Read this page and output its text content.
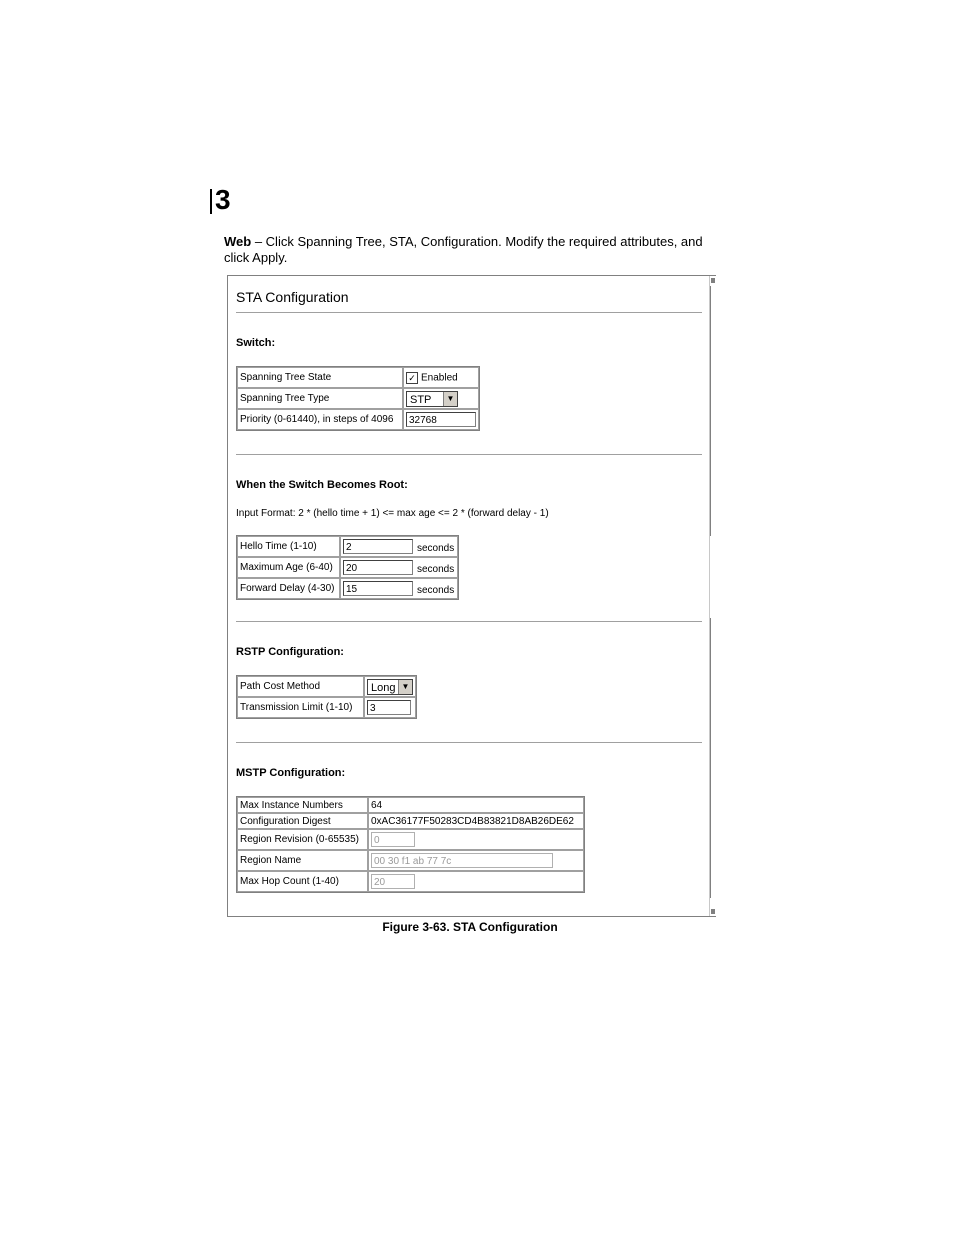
3
Web – Click Spanning Tree, STA, Configuration. Modify the required attributes, and click Apply.
STA Configuration
Switch:
Spanning Tree State	✓ Enabled
Spanning Tree Type	STP ▼

Priority (0-61440), in steps of 4096	32768
When the Switch Becomes Root:
Input Format: 2 * (hello time + 1) <= max age <= 2 * (forward delay - 1)
Hello Time (1-10)	2 seconds
Maximum Age (6-40)	20 seconds
Forward Delay (4-30)	15 seconds
RSTP Configuration:
Path Cost Method	Long ▼

Transmission Limit (1-10)	3
MSTP Configuration:
Max Instance Numbers	64
Configuration Digest	0xAC36177F50283CD4B83821D8AB26DE62
Region Revision (0-65535)	0
Region Name	00 30 f1 ab 77 7c
Max Hop Count (1-40)	20
Figure 3-63. STA Configuration
